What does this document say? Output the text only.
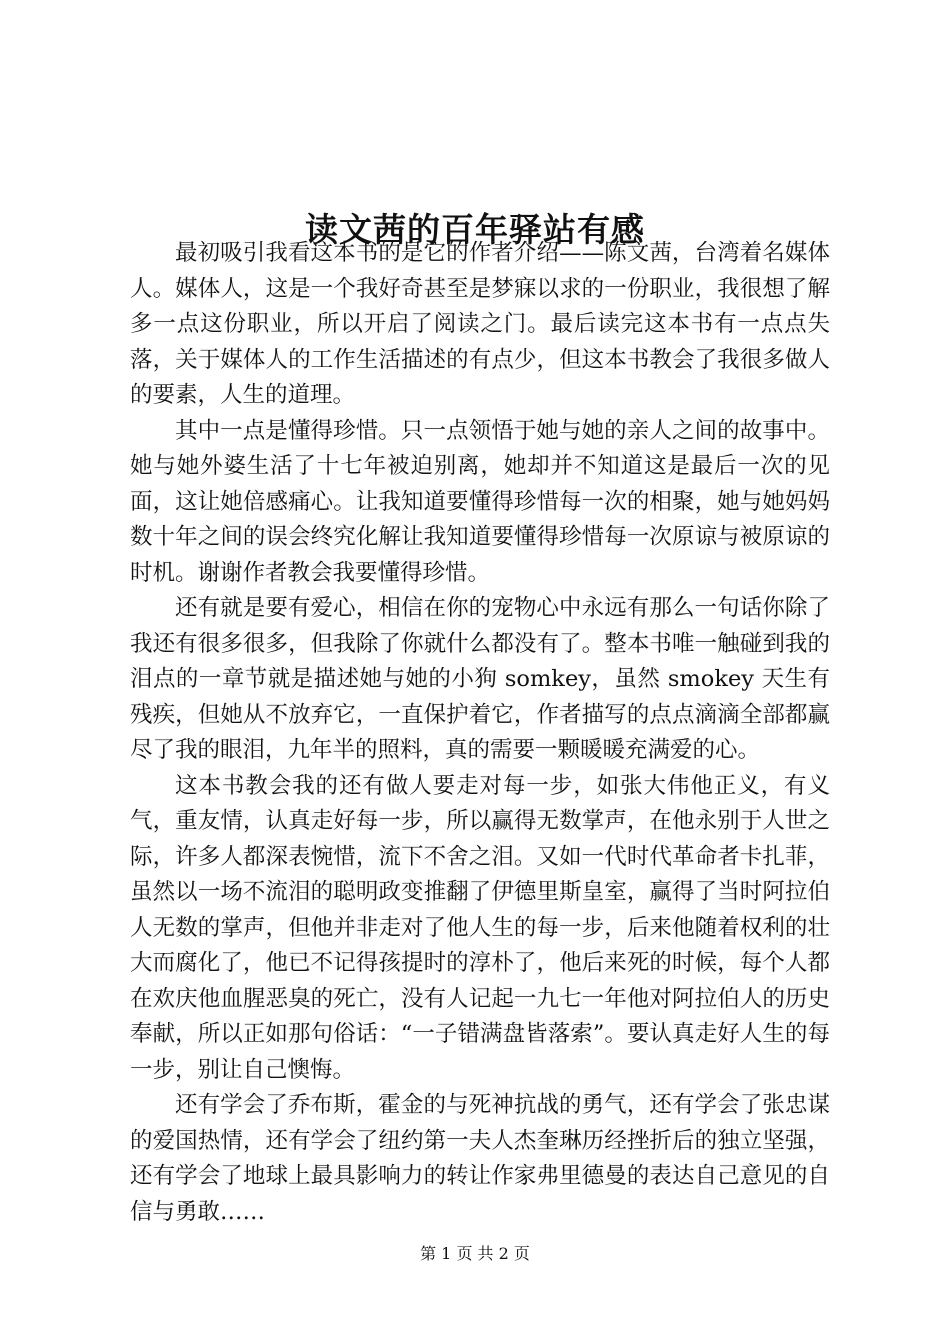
读文茜的百年驿站有感

最初吸引我看这本书的是它的作者介绍——陈文茜，台湾着名媒体人。媒体人，这是一个我好奇甚至是梦寐以求的一份职业，我很想了解多一点这份职业，所以开启了阅读之门。最后读完这本书有一点点失落，关于媒体人的工作生活描述的有点少，但这本书教会了我很多做人的要素，人生的道理。

其中一点是懂得珍惜。只一点领悟于她与她的亲人之间的故事中。她与她外婆生活了十七年被迫别离，她却并不知道这是最后一次的见面，这让她倍感痛心。让我知道要懂得珍惜每一次的相聚，她与她妈妈数十年之间的误会终究化解让我知道要懂得珍惜每一次原谅与被原谅的时机。谢谢作者教会我要懂得珍惜。

还有就是要有爱心，相信在你的宠物心中永远有那么一句话你除了我还有很多很多，但我除了你就什么都没有了。整本书唯一触碰到我的泪点的一章节就是描述她与她的小狗 somkey，虽然 smokey 天生有残疾，但她从不放弃它，一直保护着它，作者描写的点点滴滴全部都赢尽了我的眼泪，九年半的照料，真的需要一颗暖暖充满爱的心。

这本书教会我的还有做人要走对每一步，如张大伟他正义，有义气，重友情，认真走好每一步，所以赢得无数掌声，在他永别于人世之际，许多人都深表惋惜，流下不舍之泪。又如一代时代革命者卡扎菲，虽然以一场不流泪的聪明政变推翻了伊德里斯皇室，赢得了当时阿拉伯人无数的掌声，但他并非走对了他人生的每一步，后来他随着权利的壮大而腐化了，他已不记得孩提时的淳朴了，他后来死的时候，每个人都在欢庆他血腥恶臭的死亡，没有人记起一九七一年他对阿拉伯人的历史奉献，所以正如那句俗话：“一子错满盘皆落索”。要认真走好人生的每一步，别让自己懊悔。

还有学会了乔布斯，霍金的与死神抗战的勇气，还有学会了张忠谋的爱国热情，还有学会了纽约第一夫人杰奎琳历经挫折后的独立坚强，还有学会了地球上最具影响力的转让作家弗里德曼的表达自己意见的自信与勇敢……

第 1 页 共 2 页
